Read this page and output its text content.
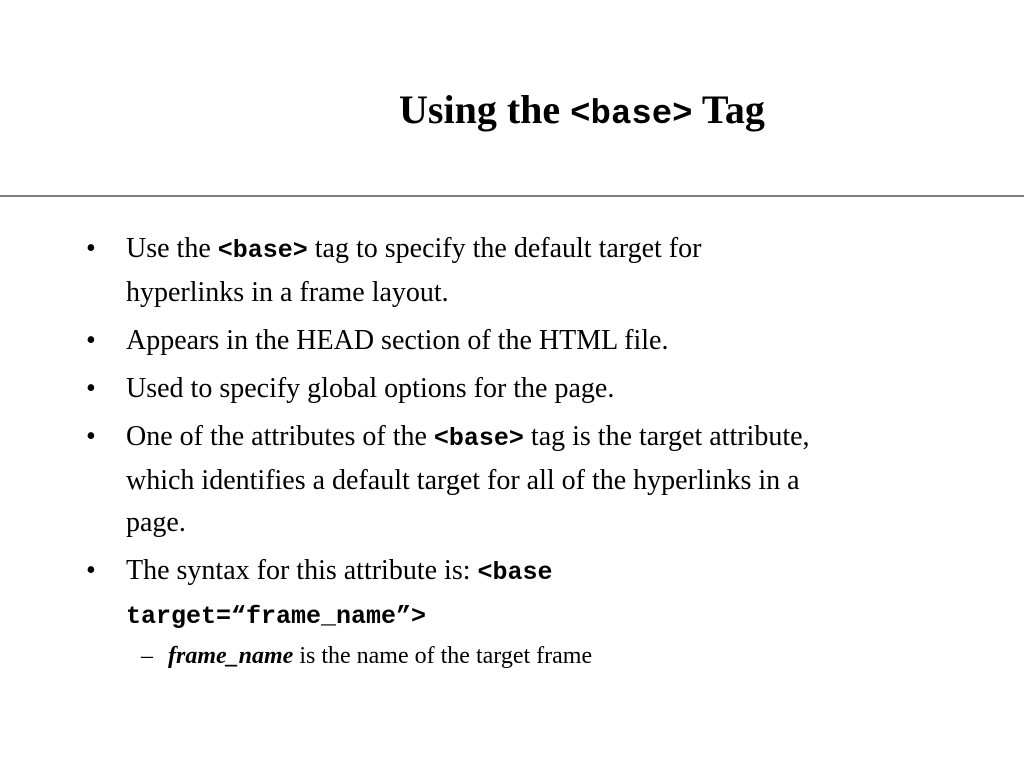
Using the <base> Tag
• Use the <base> tag to specify the default target for
hyperlinks in a frame layout.
• Appears in the HEAD section of the HTML file.
• Used to specify global options for the page.
• One of the attributes of the <base> tag is the target attribute,
which identifies a default target for all of the hyperlinks in a
page.
• The syntax for this attribute is: <base
target=“frame_name”>
– frame_name is the name of the target frame
